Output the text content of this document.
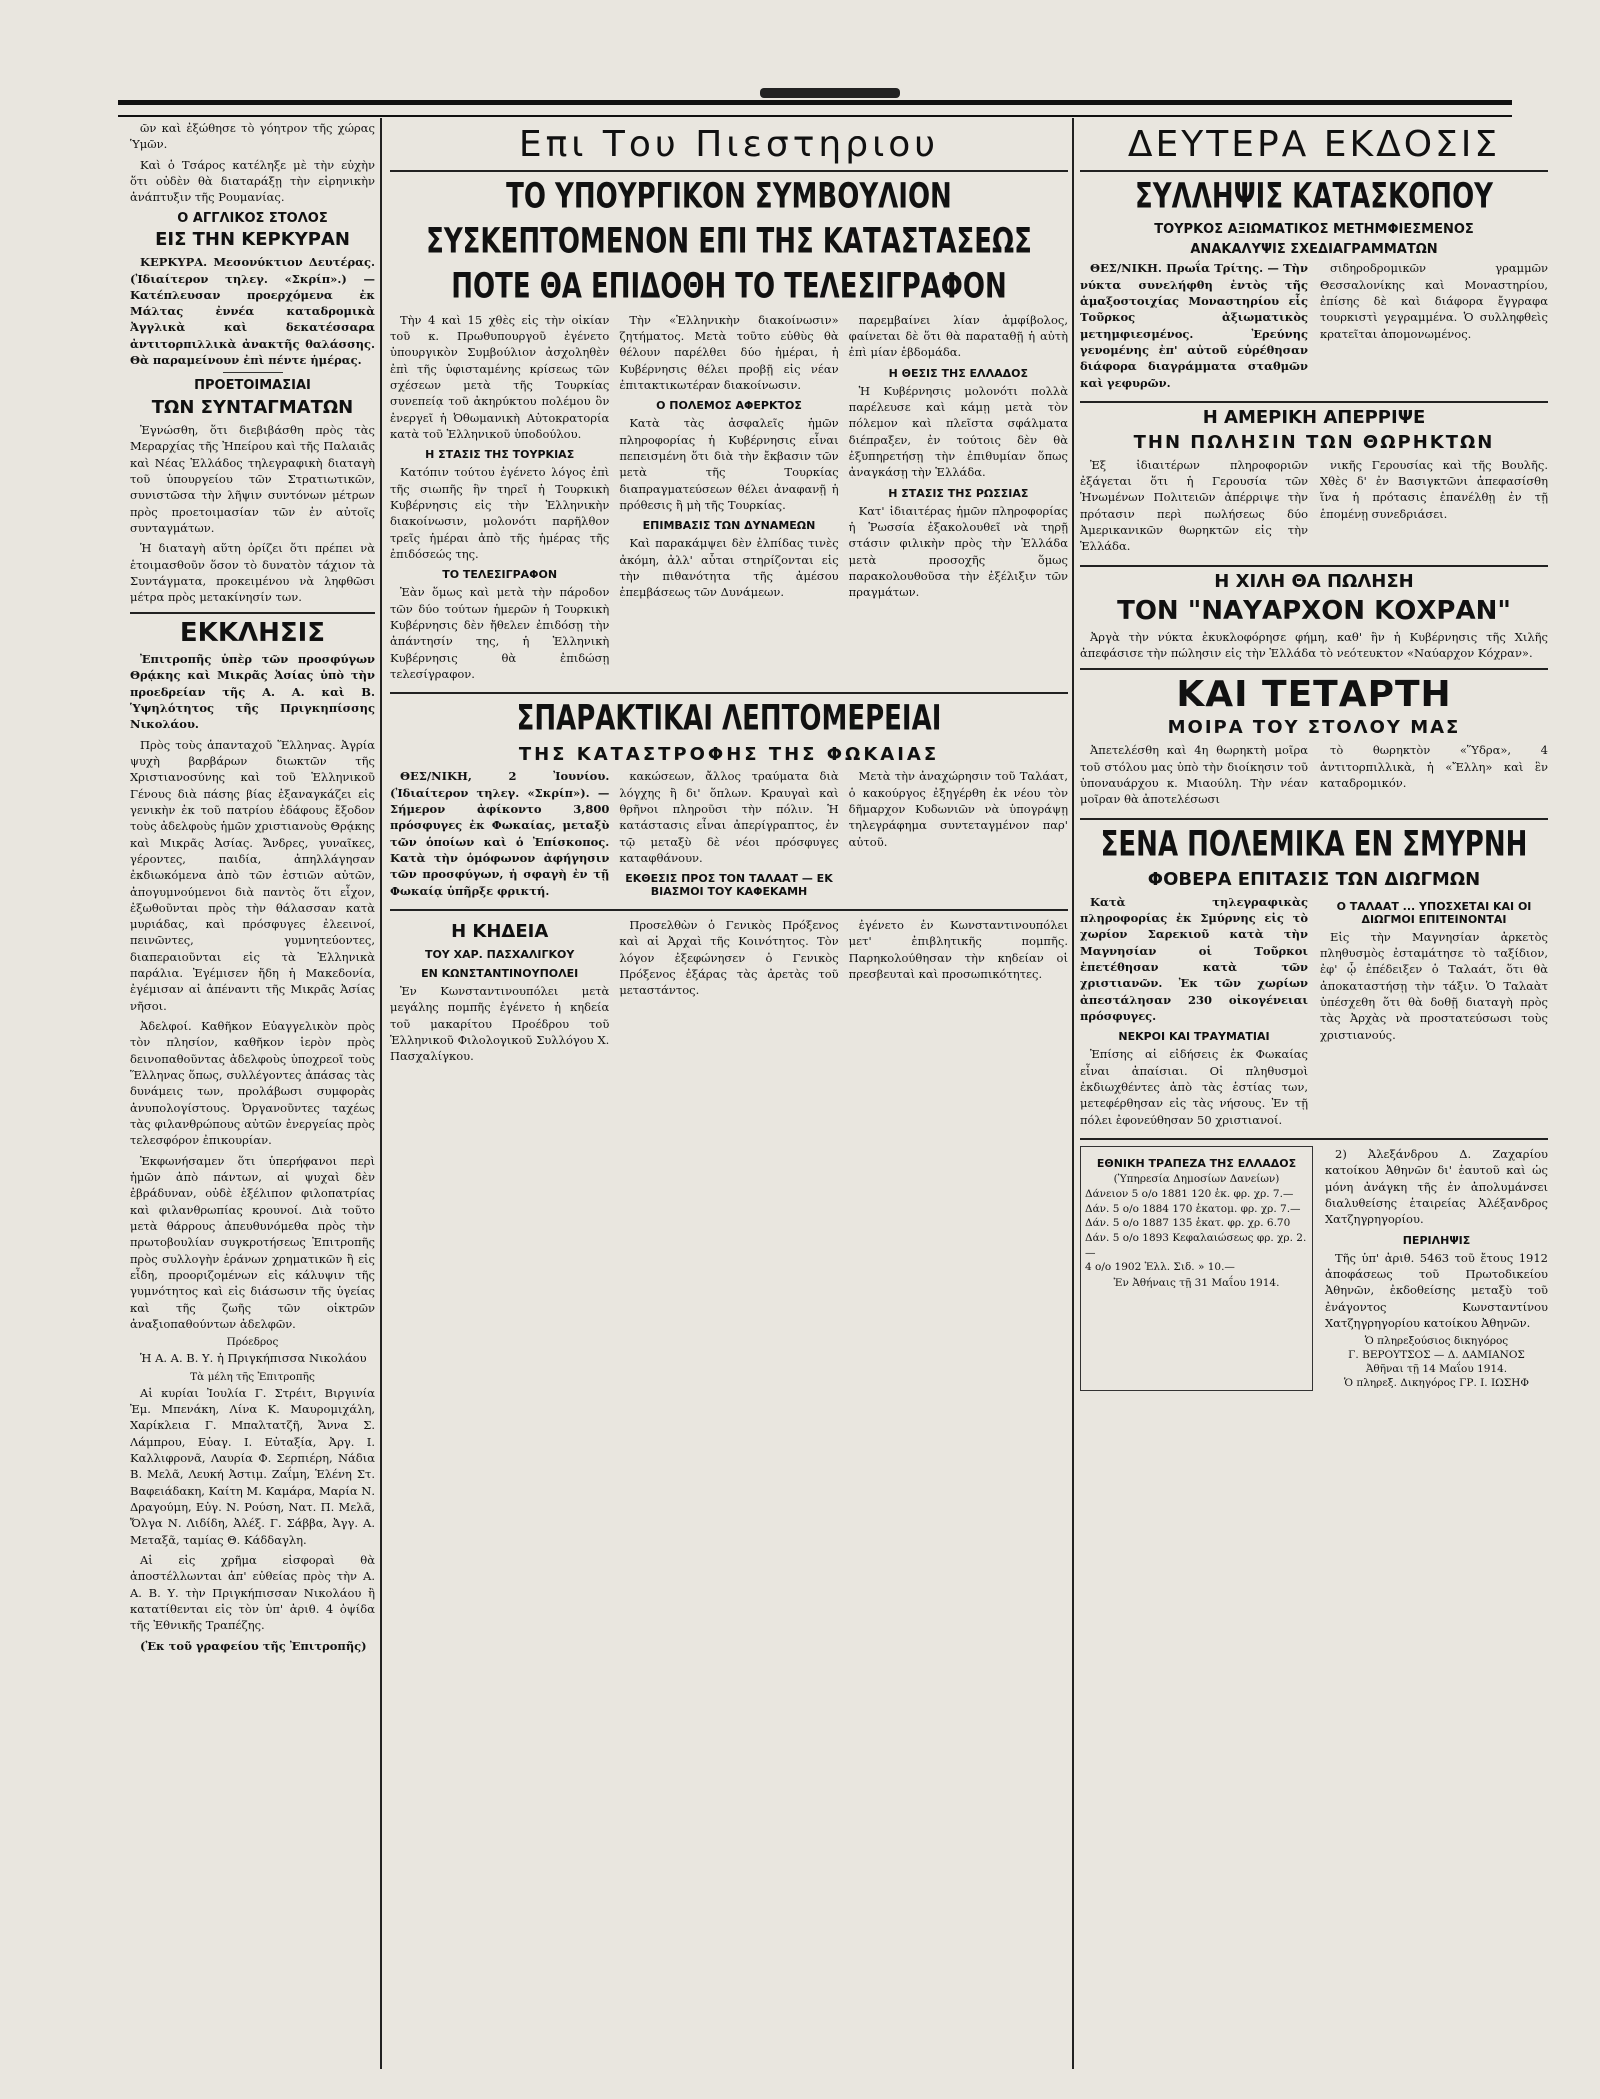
ῶν καὶ ἐξώθησε τὸ γόητρον τῆς χώρας Ὑμῶν.

Καὶ ὁ Τσάρος κατέληξε μὲ τὴν εὐχὴν ὅτι οὐδὲν θὰ διαταράξῃ τὴν εἰρηνικὴν ἀνάπτυξιν τῆς Ρουμανίας.

Ο ΑΓΓΛΙΚΟΣ ΣΤΟΛΟΣ
ΕΙΣ ΤΗΝ ΚΕΡΚΥΡΑΝ

ΚΕΡΚΥΡΑ. Μεσονύκτιον Δευτέρας. (Ἰδιαίτερον τηλεγ. «Σκρίπ».) — Κατέπλευσαν προερχόμενα ἐκ Μάλτας ἐννέα καταδρομικὰ Ἀγγλικὰ καὶ δεκατέσσαρα ἀντιτορπιλλικὰ ἀνακτῆς θαλάσσης. Θὰ παραμείνουν ἐπὶ πέντε ἡμέρας.

ΠΡΟΕΤΟΙΜΑΣΙΑΙ
ΤΩΝ ΣΥΝΤΑΓΜΑΤΩΝ

Ἐγνώσθη, ὅτι διεβιβάσθη πρὸς τὰς Μεραρχίας τῆς Ἠπείρου καὶ τῆς Παλαιᾶς καὶ Νέας Ἑλλάδος τηλεγραφικὴ διαταγὴ τοῦ ὑπουργείου τῶν Στρατιωτικῶν, συνιστῶσα τὴν λῆψιν συντόνων μέτρων πρὸς προετοιμασίαν τῶν ἐν αὐτοῖς συνταγμάτων.

Ἡ διαταγὴ αὕτη ὁρίζει ὅτι πρέπει νὰ ἑτοιμασθοῦν ὅσον τὸ δυνατὸν τάχιον τὰ Συντάγματα, προκειμένου νὰ ληφθῶσι μέτρα πρὸς μετακίνησίν των.

ΕΚΚΛΗΣΙΣ

Ἐπιτροπῆς ὑπὲρ τῶν προσφύγων Θρᾴκης καὶ Μικρᾶς Ἀσίας ὑπὸ τὴν προεδρείαν τῆς Α. Α. καὶ Β. Ὑψηλότητος τῆς Πριγκηπίσσης Νικολάου.

Πρὸς τοὺς ἁπανταχοῦ Ἕλληνας. Ἀγρία ψυχὴ βαρβάρων διωκτῶν τῆς Χριστιανοσύνης καὶ τοῦ Ἑλληνικοῦ Γένους διὰ πάσης βίας ἐξαναγκάζει εἰς γενικὴν ἐκ τοῦ πατρίου ἐδάφους ἔξοδον τοὺς ἀδελφοὺς ἡμῶν χριστιανοὺς Θρᾴκης καὶ Μικρᾶς Ἀσίας. Ἄνδρες, γυναῖκες, γέροντες, παιδία, ἀπηλλάγησαν ἐκδιωκόμενα ἀπὸ τῶν ἑστιῶν αὐτῶν, ἀπογυμνούμενοι διὰ παντὸς ὅτι εἶχον, ἐξωθοῦνται πρὸς τὴν θάλασσαν κατὰ μυριάδας, καὶ πρόσφυγες ἐλεεινοί, πεινῶντες, γυμνητεύοντες, διαπεραιοῦνται εἰς τὰ Ἑλληνικὰ παράλια. Ἐγέμισεν ἤδη ἡ Μακεδονία, ἐγέμισαν αἱ ἀπέναντι τῆς Μικρᾶς Ἀσίας νῆσοι.

Ἀδελφοί. Καθῆκον Εὐαγγελικὸν πρὸς τὸν πλησίον, καθῆκον ἱερὸν πρὸς δεινοπαθοῦντας ἀδελφοὺς ὑποχρεοῖ τοὺς Ἕλληνας ὅπως, συλλέγοντες ἁπάσας τὰς δυνάμεις των, προλάβωσι συμφορὰς ἀνυπολογίστους. Ὀργανοῦντες ταχέως τὰς φιλανθρώπους αὐτῶν ἐνεργείας πρὸς τελεσφόρον ἐπικουρίαν.

Ἐκφωνήσαμεν ὅτι ὑπερήφανοι περὶ ἡμῶν ἀπὸ πάντων, αἱ ψυχαὶ δὲν ἐβράδυναν, οὐδὲ ἐξέλιπον φιλοπατρίας καὶ φιλανθρωπίας κρουνοί. Διὰ τοῦτο μετὰ θάρρους ἀπευθυνόμεθα πρὸς τὴν πρωτοβουλίαν συγκροτήσεως Ἐπιτροπῆς πρὸς συλλογὴν ἐράνων χρηματικῶν ἢ εἰς εἶδη, προοριζομένων εἰς κάλυψιν τῆς γυμνότητος καὶ εἰς διάσωσιν τῆς ὑγείας καὶ τῆς ζωῆς τῶν οἰκτρῶν ἀναξιοπαθούντων ἀδελφῶν.

Πρόεδρος

Ἡ Α. Α. Β. Υ. ἡ Πριγκήπισσα Νικολάου

Τὰ μέλη τῆς Ἐπιτροπῆς

Αἱ κυρίαι Ἰουλία Γ. Στρέιτ, Βιργινία Ἐμ. Μπενάκη, Λίνα Κ. Μαυρομιχάλη, Χαρίκλεια Γ. Μπαλτατζῆ, Ἄννα Σ. Λάμπρου, Εὐαγ. Ι. Εὐταξία, Ἀργ. Ι. Καλλιφρονᾶ, Λαυρία Φ. Σερπιέρη, Νάδια Β. Μελᾶ, Λευκή Ἀστιμ. Ζαΐμη, Ἑλένη Στ. Βαφειάδακη, Καίτη Μ. Καμάρα, Μαρία Ν. Δραγούμη, Εὐγ. Ν. Ρούση, Νατ. Π. Μελᾶ, Ὄλγα Ν. Λιδίδη, Ἀλέξ. Γ. Σάββα, Ἀγγ. Α. Μεταξᾶ, ταμίας Θ. Κάδδαγλη.

Αἱ εἰς χρῆμα εἰσφοραὶ θὰ ἀποστέλλωνται ἀπ' εὐθείας πρὸς τὴν Α. Α. Β. Υ. τὴν Πριγκήπισσαν Νικολάου ἢ κατατίθενται εἰς τὸν ὑπ' ἀριθ. 4 ὀψίδα τῆς Ἐθνικῆς Τραπέζης.

(Ἐκ τοῦ γραφείου τῆς Ἐπιτροπῆς)

Επι Του Πιεστηριου
ΤΟ ΥΠΟΥΡΓΙΚΟΝ ΣΥΜΒΟΥΛΙΟΝ
ΣΥΣΚΕΠΤΟΜΕΝΟΝ ΕΠΙ ΤΗΣ ΚΑΤΑΣΤΑΣΕΩΣ
ΠΟΤΕ ΘΑ ΕΠΙΔΟΘΗ ΤΟ ΤΕΛΕΣΙΓΡΑΦΟΝ

Τὴν 4 καὶ 15 χθὲς εἰς τὴν οἰκίαν τοῦ κ. Πρωθυπουργοῦ ἐγένετο ὑπουργικὸν Συμβούλιον ἀσχοληθὲν ἐπὶ τῆς ὑφισταμένης κρίσεως τῶν σχέσεων μετὰ τῆς Τουρκίας συνεπείᾳ τοῦ ἀκηρύκτου πολέμου ὃν ἐνεργεῖ ἡ Ὀθωμανικὴ Αὐτοκρατορία κατὰ τοῦ Ἑλληνικοῦ ὑποδούλου.

Η ΣΤΑΣΙΣ ΤΗΣ ΤΟΥΡΚΙΑΣ

Κατόπιν τούτου ἐγένετο λόγος ἐπὶ τῆς σιωπῆς ἣν τηρεῖ ἡ Τουρκικὴ Κυβέρνησις εἰς τὴν Ἑλληνικὴν διακοίνωσιν, μολονότι παρῆλθον τρεῖς ἡμέραι ἀπὸ τῆς ἡμέρας τῆς ἐπιδόσεώς της.

ΤΟ ΤΕΛΕΣΙΓΡΑΦΟΝ

Ἐὰν ὅμως καὶ μετὰ τὴν πάροδον τῶν δύο τούτων ἡμερῶν ἡ Τουρκικὴ Κυβέρνησις δὲν ἤθελεν ἐπιδόσῃ τὴν ἀπάντησίν της, ἡ Ἑλληνικὴ Κυβέρνησις θὰ ἐπιδώσῃ τελεσίγραφον.

Τὴν «Ἑλληνικὴν διακοίνωσιν» ζητήματος. Μετὰ τοῦτο εὐθὺς θὰ θέλουν παρέλθει δύο ἡμέραι, ἡ Κυβέρνησις θέλει προβῇ εἰς νέαν ἐπιτακτικωτέραν διακοίνωσιν.

Ο ΠΟΛΕΜΟΣ ΑΦΕΡΚΤΟΣ

Κατὰ τὰς ἀσφαλεῖς ἡμῶν πληροφορίας ἡ Κυβέρνησις εἶναι πεπεισμένη ὅτι διὰ τὴν ἔκβασιν τῶν μετὰ τῆς Τουρκίας διαπραγματεύσεων θέλει ἀναφανῇ ἡ πρόθεσις ἢ μὴ τῆς Τουρκίας.

ΕΠΙΜΒΑΣΙΣ ΤΩΝ ΔΥΝΑΜΕΩΝ

Καὶ παρακάμψει δὲν ἐλπίδας τινὲς ἀκόμη, ἀλλ' αὗται στηρίζονται εἰς τὴν πιθανότητα τῆς ἀμέσου ἐπεμβάσεως τῶν Δυνάμεων.

παρεμβαίνει λίαν ἀμφίβολος, φαίνεται δὲ ὅτι θὰ παραταθῇ ἡ αὐτὴ ἐπὶ μίαν ἑβδομάδα.

Η ΘΕΣΙΣ ΤΗΣ ΕΛΛΑΔΟΣ

Ἡ Κυβέρνησις μολονότι πολλὰ παρέλευσε καὶ κάμῃ μετὰ τὸν πόλεμον καὶ πλεῖστα σφάλματα διέπραξεν, ἐν τούτοις δὲν θὰ ἐξυπηρετήσῃ τὴν ἐπιθυμίαν ὅπως ἀναγκάσῃ τὴν Ἑλλάδα.

Η ΣΤΑΣΙΣ ΤΗΣ ΡΩΣΣΙΑΣ

Κατ' ἰδιαιτέρας ἡμῶν πληροφορίας ἡ Ῥωσσία ἐξακολουθεῖ νὰ τηρῇ στάσιν φιλικὴν πρὸς τὴν Ἑλλάδα μετὰ προσοχῆς ὅμως παρακολουθοῦσα τὴν ἐξέλιξιν τῶν πραγμάτων.

ΣΠΑΡΑΚΤΙΚΑΙ ΛΕΠΤΟΜΕΡΕΙΑΙ
ΤΗΣ ΚΑΤΑΣΤΡΟΦΗΣ ΤΗΣ ΦΩΚΑΙΑΣ

ΘΕΣ/ΝΙΚΗ, 2 Ἰουνίου. (Ἰδιαίτερον τηλεγ. «Σκρίπ»). — Σήμερον ἀφίκοντο 3,800 πρόσφυγες ἐκ Φωκαίας, μεταξὺ τῶν ὁποίων καὶ ὁ Ἐπίσκοπος. Κατὰ τὴν ὁμόφωνον ἀφήγησιν τῶν προσφύγων, ἡ σφαγὴ ἐν τῇ Φωκαίᾳ ὑπῆρξε φρικτή.

κακώσεων, ἄλλος τραύματα διὰ λόγχης ἢ δι' ὅπλων. Κραυγαὶ καὶ θρῆνοι πληροῦσι τὴν πόλιν. Ἡ κατάστασις εἶναι ἀπερίγραπτος, ἐν τῷ μεταξὺ δὲ νέοι πρόσφυγες καταφθάνουν.

ΕΚΘΕΣΙΣ ΠΡΟΣ ΤΟΝ ΤΑΛΑΑΤ — ΕΚ ΒΙΑΣΜΟΙ ΤΟΥ ΚΑΦΕΚΑΜΗ

Μετὰ τὴν ἀναχώρησιν τοῦ Ταλάατ, ὁ κακούργος ἐξηγέρθη ἐκ νέου τὸν δῆμαρχον Κυδωνιῶν νὰ ὑπογράψῃ τηλεγράφημα συντεταγμένον παρ' αὐτοῦ.

Η ΚΗΔΕΙΑ
ΤΟΥ ΧΑΡ. ΠΑΣΧΑΛΙΓΚΟΥ
ΕΝ ΚΩΝΣΤΑΝΤΙΝΟΥΠΟΛΕΙ

Ἐν Κωνσταντινουπόλει μετὰ μεγάλης πομπῆς ἐγένετο ἡ κηδεία τοῦ μακαρίτου Προέδρου τοῦ Ἑλληνικοῦ Φιλολογικοῦ Συλλόγου Χ. Πασχαλίγκου.

Προσελθὼν ὁ Γενικὸς Πρόξενος καὶ αἱ Ἀρχαὶ τῆς Κοινότητος. Τὸν λόγον ἐξεφώνησεν ὁ Γενικὸς Πρόξενος ἐξάρας τὰς ἀρετὰς τοῦ μεταστάντος.

ἐγένετο ἐν Κωνσταντινουπόλει μετ' ἐπιβλητικῆς πομπῆς. Παρηκολούθησαν τὴν κηδείαν οἱ πρεσβευταὶ καὶ προσωπικότητες.

ΔΕΥΤΕΡΑ ΕΚΔΟΣΙΣ
ΣΥΛΛΗΨΙΣ ΚΑΤΑΣΚΟΠΟΥ
ΤΟΥΡΚΟΣ ΑΞΙΩΜΑΤΙΚΟΣ ΜΕΤΗΜΦΙΕΣΜΕΝΟΣ
ΑΝΑΚΑΛΥΨΙΣ ΣΧΕΔΙΑΓΡΑΜΜΑΤΩΝ

ΘΕΣ/ΝΙΚΗ. Πρωΐα Τρίτης. — Τὴν νύκτα συνελήφθη ἐντὸς τῆς ἁμαξοστοιχίας Μοναστηρίου εἷς Τοῦρκος ἀξιωματικὸς μετημφιεσμένος. Ἐρεύνης γενομένης ἐπ' αὐτοῦ εὑρέθησαν διάφορα διαγράμματα σταθμῶν καὶ γεφυρῶν.

σιδηροδρομικῶν γραμμῶν Θεσσαλονίκης καὶ Μοναστηρίου, ἐπίσης δὲ καὶ διάφορα ἔγγραφα τουρκιστὶ γεγραμμένα. Ὁ συλληφθεὶς κρατεῖται ἀπομονωμένος.

Η ΑΜΕΡΙΚΗ ΑΠΕΡΡΙΨΕ
ΤΗΝ ΠΩΛΗΣΙΝ ΤΩΝ ΘΩΡΗΚΤΩΝ

Ἐξ ἰδιαιτέρων πληροφοριῶν ἐξάγεται ὅτι ἡ Γερουσία τῶν Ἡνωμένων Πολιτειῶν ἀπέρριψε τὴν πρότασιν περὶ πωλήσεως δύο Ἀμερικανικῶν θωρηκτῶν εἰς τὴν Ἑλλάδα.

νικῆς Γερουσίας καὶ τῆς Βουλῆς. Χθὲς δ' ἐν Βασιγκτῶνι ἀπεφασίσθη ἵνα ἡ πρότασις ἐπανέλθῃ ἐν τῇ ἑπομένῃ συνεδριάσει.

Η ΧΙΛΗ ΘΑ ΠΩΛΗΣΗ
ΤΟΝ "ΝΑΥΑΡΧΟΝ ΚΟΧΡΑΝ"

Ἀργὰ τὴν νύκτα ἐκυκλοφόρησε φήμη, καθ' ἣν ἡ Κυβέρνησις τῆς Χιλῆς ἀπεφάσισε τὴν πώλησιν εἰς τὴν Ἑλλάδα τὸ νεότευκτον «Ναύαρχον Κόχραν».

ΚΑΙ ΤΕΤΑΡΤΗ
ΜΟΙΡΑ ΤΟΥ ΣΤΟΛΟΥ ΜΑΣ

Ἀπετελέσθη καὶ 4η θωρηκτὴ μοῖρα τοῦ στόλου μας ὑπὸ τὴν διοίκησιν τοῦ ὑποναυάρχου κ. Μιαούλη. Τὴν νέαν μοῖραν θὰ ἀποτελέσωσι

τὸ θωρηκτὸν «Ὕδρα», 4 ἀντιτορπιλλικὰ, ἡ «Ἔλλη» καὶ ἓν καταδρομικόν.

ΣΕΝΑ ΠΟΛΕΜΙΚΑ ΕΝ ΣΜΥΡΝΗ
ΦΟΒΕΡΑ ΕΠΙΤΑΣΙΣ ΤΩΝ ΔΙΩΓΜΩΝ

Κατὰ τηλεγραφικὰς πληροφορίας ἐκ Σμύρνης εἰς τὸ χωρίον Σαρεκιοῦ κατὰ τὴν Μαγνησίαν οἱ Τοῦρκοι ἐπετέθησαν κατὰ τῶν χριστιανῶν. Ἐκ τῶν χωρίων ἀπεστάλησαν 230 οἰκογένειαι πρόσφυγες.

ΝΕΚΡΟΙ ΚΑΙ ΤΡΑΥΜΑΤΙΑΙ

Ἐπίσης αἱ εἰδήσεις ἐκ Φωκαίας εἶναι ἀπαίσιαι. Οἱ πληθυσμοὶ ἐκδιωχθέντες ἀπὸ τὰς ἑστίας των, μετεφέρθησαν εἰς τὰς νήσους. Ἐν τῇ πόλει ἐφονεύθησαν 50 χριστιανοί.

Ο ΤΑΛΑΑΤ ... ΥΠΟΣΧΕΤΑΙ ΚΑΙ ΟΙ ΔΙΩΓΜΟΙ ΕΠΙΤΕΙΝΟΝΤΑΙ

Εἰς τὴν Μαγνησίαν ἀρκετὸς πληθυσμὸς ἐσταμάτησε τὸ ταξίδιον, ἐφ' ᾧ ἐπέδειξεν ὁ Ταλαάτ, ὅτι θὰ ἀποκαταστήσῃ τὴν τάξιν. Ὁ Ταλαὰτ ὑπέσχεθη ὅτι θὰ δοθῇ διαταγὴ πρὸς τὰς Ἀρχὰς νὰ προστατεύσωσι τοὺς χριστιανούς.

ΕΘΝΙΚΗ ΤΡΑΠΕΖΑ ΤΗΣ ΕΛΛΑΔΟΣ
(Ὑπηρεσία Δημοσίων Δανείων)
Δάνειον 5 ο/ο 1881 120 ἑκ. φρ. χρ. 7.—
Δάν. 5 ο/ο 1884 170 ἑκατομ. φρ. χρ. 7.—
Δάν. 5 ο/ο 1887 135 ἑκατ. φρ. χρ. 6.70
Δάν. 5 ο/ο 1893 Κεφαλαιώσεως φρ. χρ. 2.—
4 ο/ο 1902 Ἑλλ. Σιδ. » 10.—
Ἐν Ἀθήναις τῇ 31 Μαΐου 1914.

2) Ἀλεξάνδρου Δ. Ζαχαρίου κατοίκου Ἀθηνῶν δι' ἑαυτοῦ καὶ ὡς μόνη ἀνάγκη τῆς ἐν ἀπολυμάνσει διαλυθείσης ἑταιρείας Ἀλέξανδρος Χατζηγρηγορίου.

ΠΕΡΙΛΗΨΙΣ

Τῆς ὑπ' ἀριθ. 5463 τοῦ ἔτους 1912 ἀποφάσεως τοῦ Πρωτοδικείου Ἀθηνῶν, ἐκδοθείσης μεταξὺ τοῦ ἐνάγοντος Κωνσταντίνου Χατζηγρηγορίου κατοίκου Ἀθηνῶν.

Ὁ πληρεξούσιος δικηγόρος
Γ. ΒΕΡΟΥΤΣΟΣ — Δ. ΔΑΜΙΑΝΟΣ
Ἀθῆναι τῇ 14 Μαΐου 1914.
Ὁ πληρεξ. Δικηγόρος ΓΡ. Ι. ΙΩΣΗΦ
